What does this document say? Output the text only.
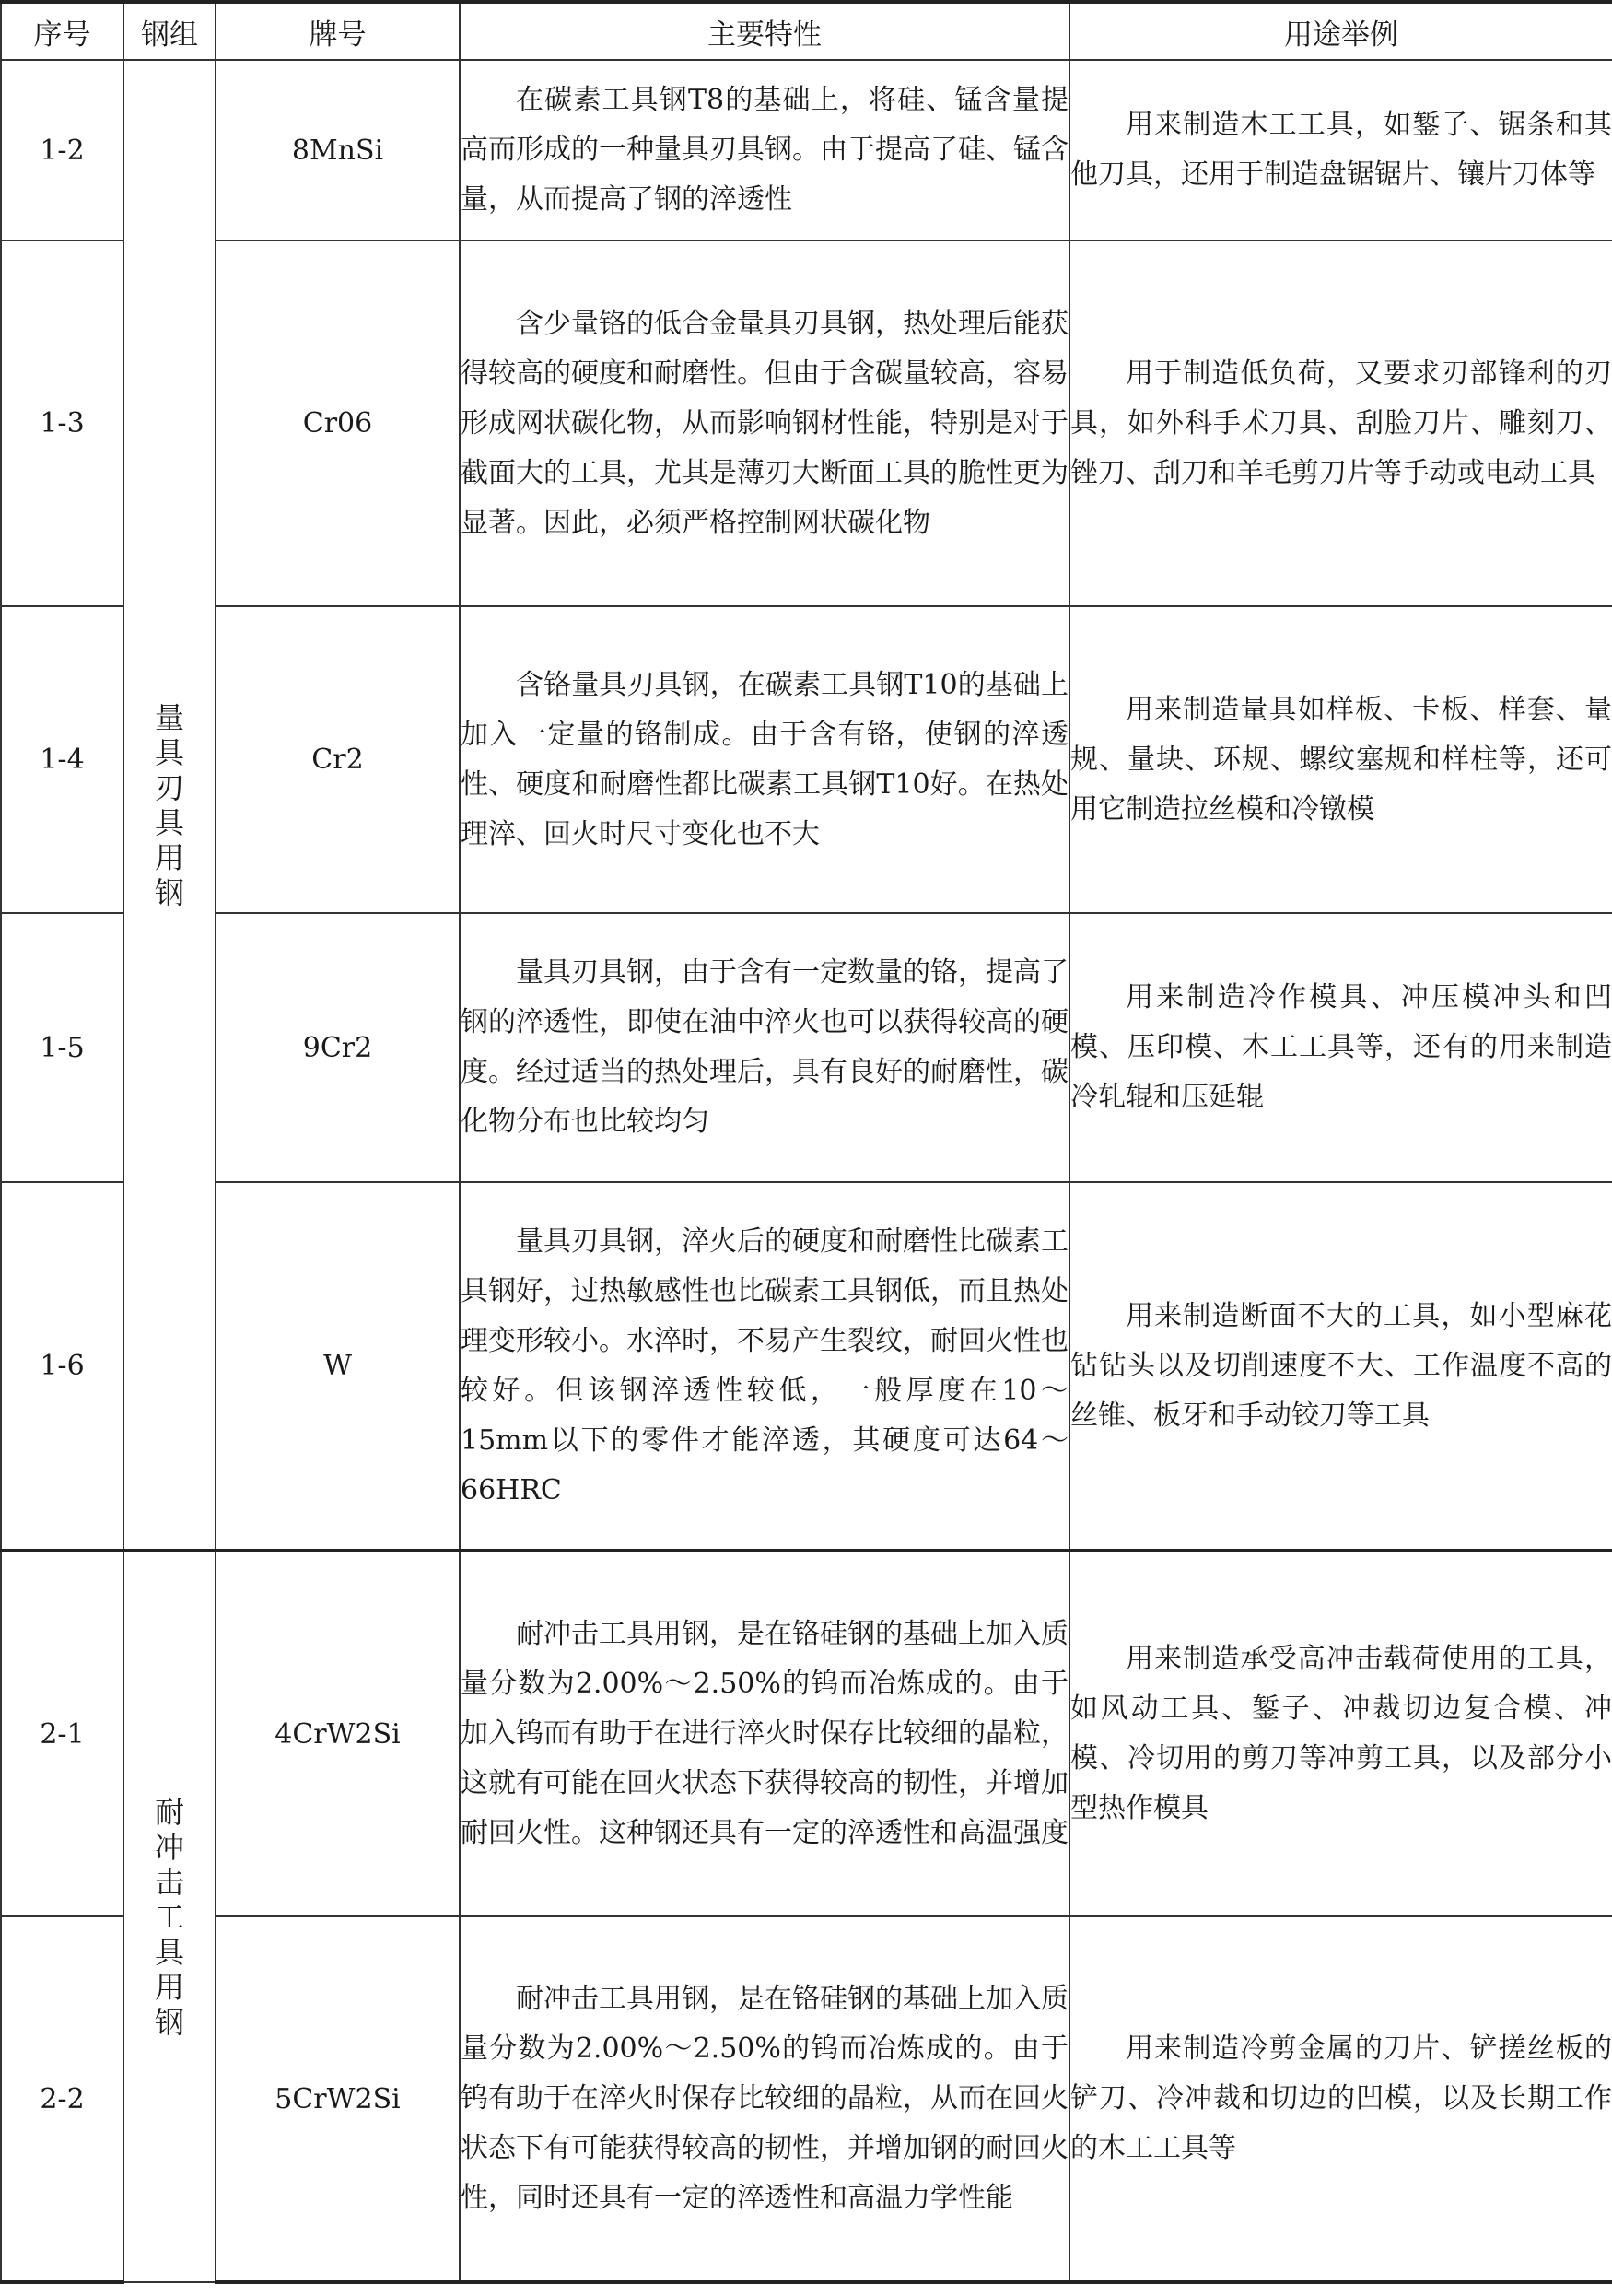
序号	钢组	牌号	主要特性	用途举例
1-2	量具刃具用钢	8MnSi	在碳素工具钢T8的基础上，将硅、锰含量提高而形成的一种量具刃具钢。由于提高了硅、锰含量，从而提高了钢的淬透性	用来制造木工工具，如錾子、锯条和其他刀具，还用于制造盘锯锯片、镶片刀体等

1-3		Cr06	含少量铬的低合金量具刃具钢，热处理后能获得较高的硬度和耐磨性。但由于含碳量较高，容易形成网状碳化物，从而影响钢材性能，特别是对于截面大的工具，尤其是薄刃大断面工具的脆性更为显著。因此，必须严格控制网状碳化物	用于制造低负荷，又要求刃部锋利的刃具，如外科手术刀具、刮脸刀片、雕刻刀、锉刀、刮刀和羊毛剪刀片等手动或电动工具

1-4		Cr2	含铬量具刃具钢，在碳素工具钢T10的基础上加入一定量的铬制成。由于含有铬，使钢的淬透性、硬度和耐磨性都比碳素工具钢T10好。在热处理淬、回火时尺寸变化也不大	用来制造量具如样板、卡板、样套、量规、量块、环规、螺纹塞规和样柱等，还可用它制造拉丝模和冷镦模

1-5		9Cr2	量具刃具钢，由于含有一定数量的铬，提高了钢的淬透性，即使在油中淬火也可以获得较高的硬度。经过适当的热处理后，具有良好的耐磨性，碳化物分布也比较均匀	用来制造冷作模具、冲压模冲头和凹模、压印模、木工工具等，还有的用来制造冷轧辊和压延辊

1-6		W	量具刃具钢，淬火后的硬度和耐磨性比碳素工具钢好，过热敏感性也比碳素工具钢低，而且热处理变形较小。水淬时，不易产生裂纹，耐回火性也较好。但该钢淬透性较低，一般厚度在10～15mm以下的零件才能淬透，其硬度可达64～66HRC	用来制造断面不大的工具，如小型麻花钻钻头以及切削速度不大、工作温度不高的丝锥、板牙和手动铰刀等工具

2-1	耐冲击工具用钢	4CrW2Si	耐冲击工具用钢，是在铬硅钢的基础上加入质量分数为2.00%～2.50%的钨而冶炼成的。由于加入钨而有助于在进行淬火时保存比较细的晶粒，这就有可能在回火状态下获得较高的韧性，并增加耐回火性。这种钢还具有一定的淬透性和高温强度	用来制造承受高冲击载荷使用的工具，如风动工具、錾子、冲裁切边复合模、冲模、冷切用的剪刀等冲剪工具，以及部分小型热作模具

2-2		5CrW2Si	耐冲击工具用钢，是在铬硅钢的基础上加入质量分数为2.00%～2.50%的钨而冶炼成的。由于钨有助于在淬火时保存比较细的晶粒，从而在回火状态下有可能获得较高的韧性，并增加钢的耐回火性，同时还具有一定的淬透性和高温力学性能	用来制造冷剪金属的刀片、铲搓丝板的铲刀、冷冲裁和切边的凹模，以及长期工作的木工工具等
